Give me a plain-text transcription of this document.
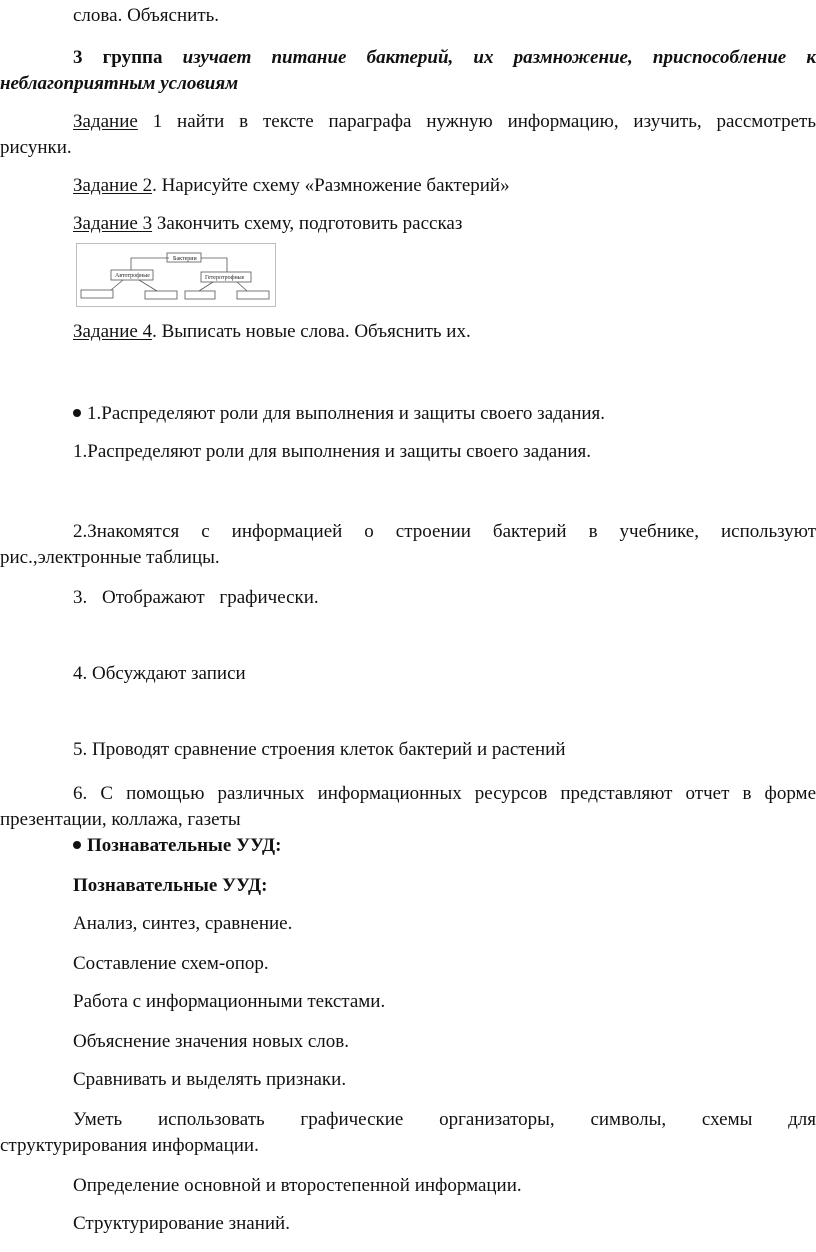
слова. Объяснить.

3 группа изучает питание бактерий, их размножение, приспособление к

неблагоприятным условиям

Задание 1 найти в тексте параграфа нужную информацию, изучить, рассмотреть

рисунки.

Задание 2. Нарисуйте схему «Размножение бактерий»

Задание 3 Закончить схему, подготовить рассказ

Бактерии
Автотрофные	Гетеротрофные

Задание 4. Выписать новые слова. Объяснить их.

1.Распределяют роли для выполнения и защиты своего задания.

1.Распределяют роли для выполнения и защиты своего задания.

2.Знакомятся с информацией о строении бактерий в учебнике, используют

рис.,электронные таблицы.

3. Отображают графически.

4. Обсуждают записи

5. Проводят сравнение строения клеток бактерий и растений

6. С помощью различных информационных ресурсов представляют отчет в форме

презентации, коллажа, газеты

Познавательные УУД:

Познавательные УУД:

Анализ, синтез, сравнение.

Составление схем-опор.

Работа с информационными текстами.

Объяснение значения новых слов.

Сравнивать и выделять признаки.

Уметь использовать графические организаторы, символы, схемы для

структурирования информации.

Определение основной и второстепенной информации.

Структурирование знаний.
